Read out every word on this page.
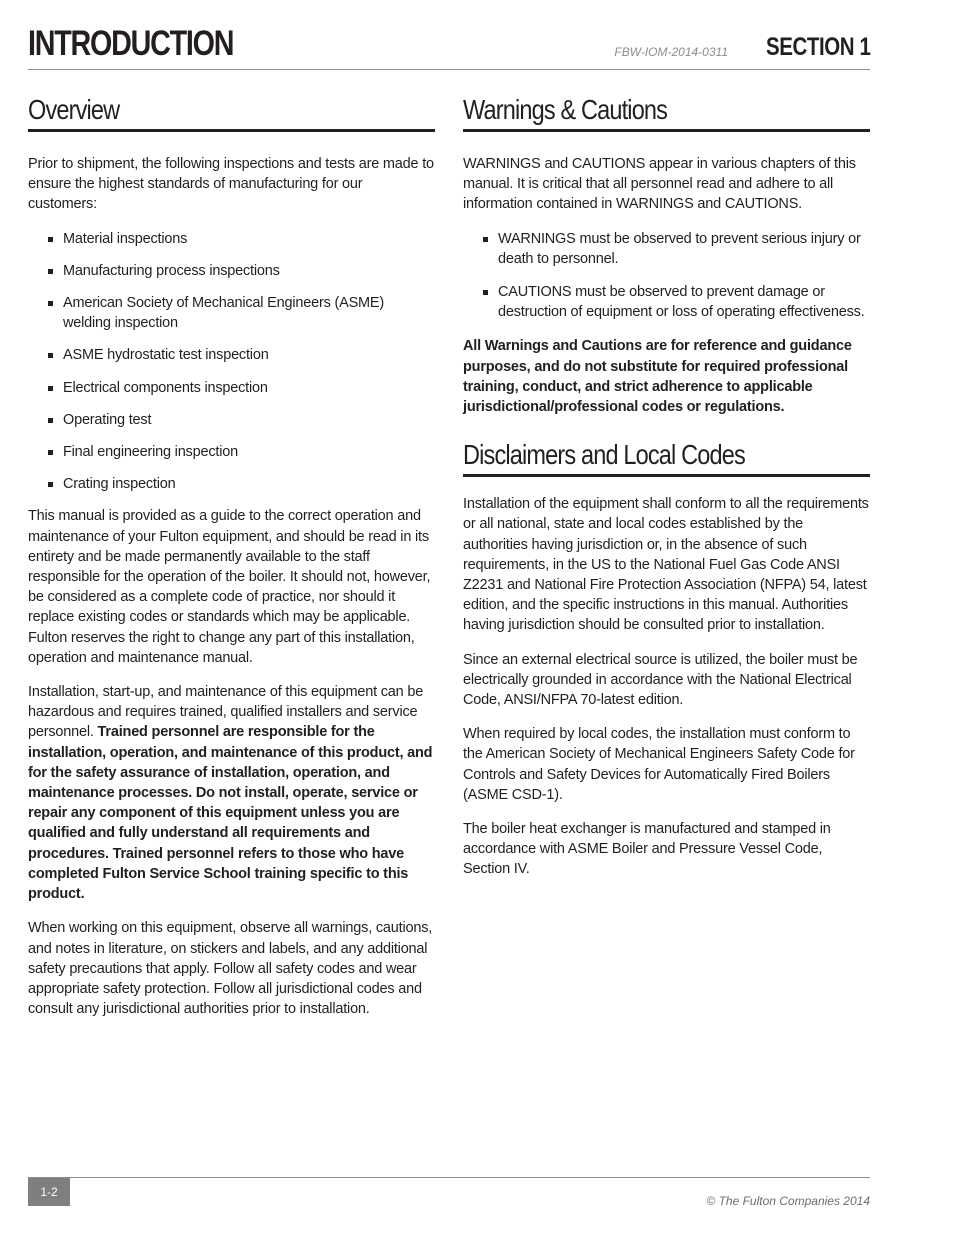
INTRODUCTION	FBW-IOM-2014-0311 SECTION 1
Overview

Prior to shipment, the following inspections and tests are made to ensure the highest standards of manufacturing for our customers:

Material inspections
Manufacturing process inspections
American Society of Mechanical Engineers (ASME) welding inspection
ASME hydrostatic test inspection
Electrical components inspection
Operating test
Final engineering inspection
Crating inspection

This manual is provided as a guide to the correct operation and maintenance of your Fulton equipment, and should be read in its entirety and be made permanently available to the staff responsible for the operation of the boiler. It should not, however, be considered as a complete code of practice, nor should it replace existing codes or standards which may be applicable. Fulton reserves the right to change any part of this installation, operation and maintenance manual.

Installation, start-up, and maintenance of this equipment can be hazardous and requires trained, qualified installers and service personnel. Trained personnel are responsible for the installation, operation, and maintenance of this product, and for the safety assurance of installation, operation, and maintenance processes. Do not install, operate, service or repair any component of this equipment unless you are qualified and fully understand all requirements and procedures. Trained personnel refers to those who have completed Fulton Service School training specific to this product.

When working on this equipment, observe all warnings, cautions, and notes in literature, on stickers and labels, and any additional safety precautions that apply. Follow all safety codes and wear appropriate safety protection. Follow all jurisdictional codes and consult any jurisdictional authorities prior to installation.

Warnings & Cautions

WARNINGS and CAUTIONS appear in various chapters of this manual. It is critical that all personnel read and adhere to all information contained in WARNINGS and CAUTIONS.

WARNINGS must be observed to prevent serious injury or death to personnel.
CAUTIONS must be observed to prevent damage or destruction of equipment or loss of operating effectiveness.

All Warnings and Cautions are for reference and guidance purposes, and do not substitute for required professional training, conduct, and strict adherence to applicable jurisdictional/professional codes or regulations.

Disclaimers and Local Codes

Installation of the equipment shall conform to all the requirements or all national, state and local codes established by the authorities having jurisdiction or, in the absence of such requirements, in the US to the National Fuel Gas Code ANSI Z2231 and National Fire Protection Association (NFPA) 54, latest edition, and the specific instructions in this manual. Authorities having jurisdiction should be consulted prior to installation.

Since an external electrical source is utilized, the boiler must be electrically grounded in accordance with the National Electrical Code, ANSI/NFPA 70-latest edition.

When required by local codes, the installation must conform to the American Society of Mechanical Engineers Safety Code for Controls and Safety Devices for Automatically Fired Boilers (ASME CSD-1).

The boiler heat exchanger is manufactured and stamped in accordance with ASME Boiler and Pressure Vessel Code, Section IV.

1-2
© The Fulton Companies 2014
